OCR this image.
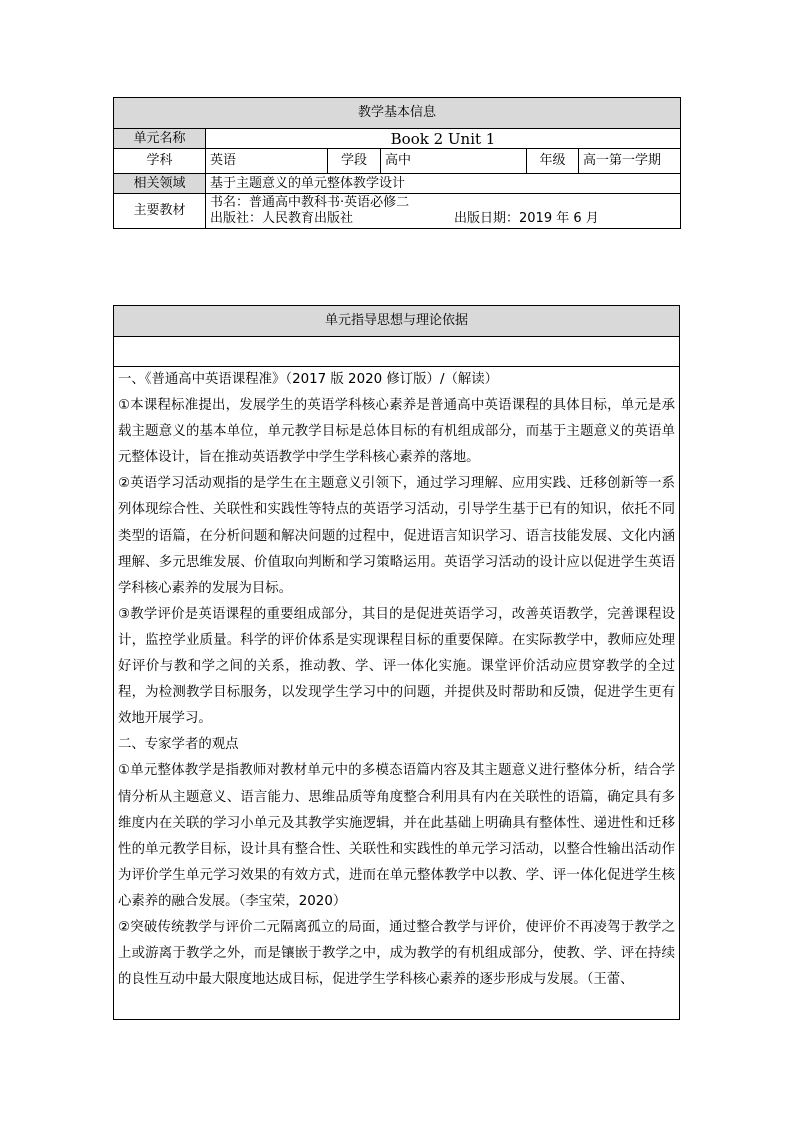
教学基本信息					
单元名称	Book 2 Unit 1				
学科	英语	学段	高中	年级	高一第一学期
相关领域	基于主题意义的单元整体教学设计				
主要教材	书名：普通高中教科书·英语必修二
出版社：人民教育出版社 出版日期：2019 年 6 月				
单元指导思想与理论依据

一、《普通高中英语课程准》（2017 版 2020 修订版）/（解读）

①本课程标准提出，发展学生的英语学科核心素养是普通高中英语课程的具体目标，单元是承载主题意义的基本单位，单元教学目标是总体目标的有机组成部分，而基于主题意义的英语单元整体设计，旨在推动英语教学中学生学科核心素养的落地。

②英语学习活动观指的是学生在主题意义引领下，通过学习理解、应用实践、迁移创新等一系列体现综合性、关联性和实践性等特点的英语学习活动，引导学生基于已有的知识，依托不同类型的语篇，在分析问题和解决问题的过程中，促进语言知识学习、语言技能发展、文化内涵理解、多元思维发展、价值取向判断和学习策略运用。英语学习活动的设计应以促进学生英语学科核心素养的发展为目标。

③教学评价是英语课程的重要组成部分，其目的是促进英语学习，改善英语教学，完善课程设计，监控学业质量。科学的评价体系是实现课程目标的重要保障。在实际教学中，教师应处理好评价与教和学之间的关系，推动教、学、评一体化实施。课堂评价活动应贯穿教学的全过程，为检测教学目标服务，以发现学生学习中的问题，并提供及时帮助和反馈，促进学生更有效地开展学习。

二、专家学者的观点

①单元整体教学是指教师对教材单元中的多模态语篇内容及其主题意义进行整体分析，结合学情分析从主题意义、语言能力、思维品质等角度整合利用具有内在关联性的语篇，确定具有多维度内在关联的学习小单元及其教学实施逻辑，并在此基础上明确具有整体性、递进性和迁移性的单元教学目标，设计具有整合性、关联性和实践性的单元学习活动，以整合性输出活动作为评价学生单元学习效果的有效方式，进而在单元整体教学中以教、学、评一体化促进学生核心素养的融合发展。（李宝荣，2020）

②突破传统教学与评价二元隔离孤立的局面，通过整合教学与评价，使评价不再凌驾于教学之上或游离于教学之外，而是镶嵌于教学之中，成为教学的有机组成部分，使教、学、评在持续的良性互动中最大限度地达成目标，促进学生学科核心素养的逐步形成与发展。（王蕾、
